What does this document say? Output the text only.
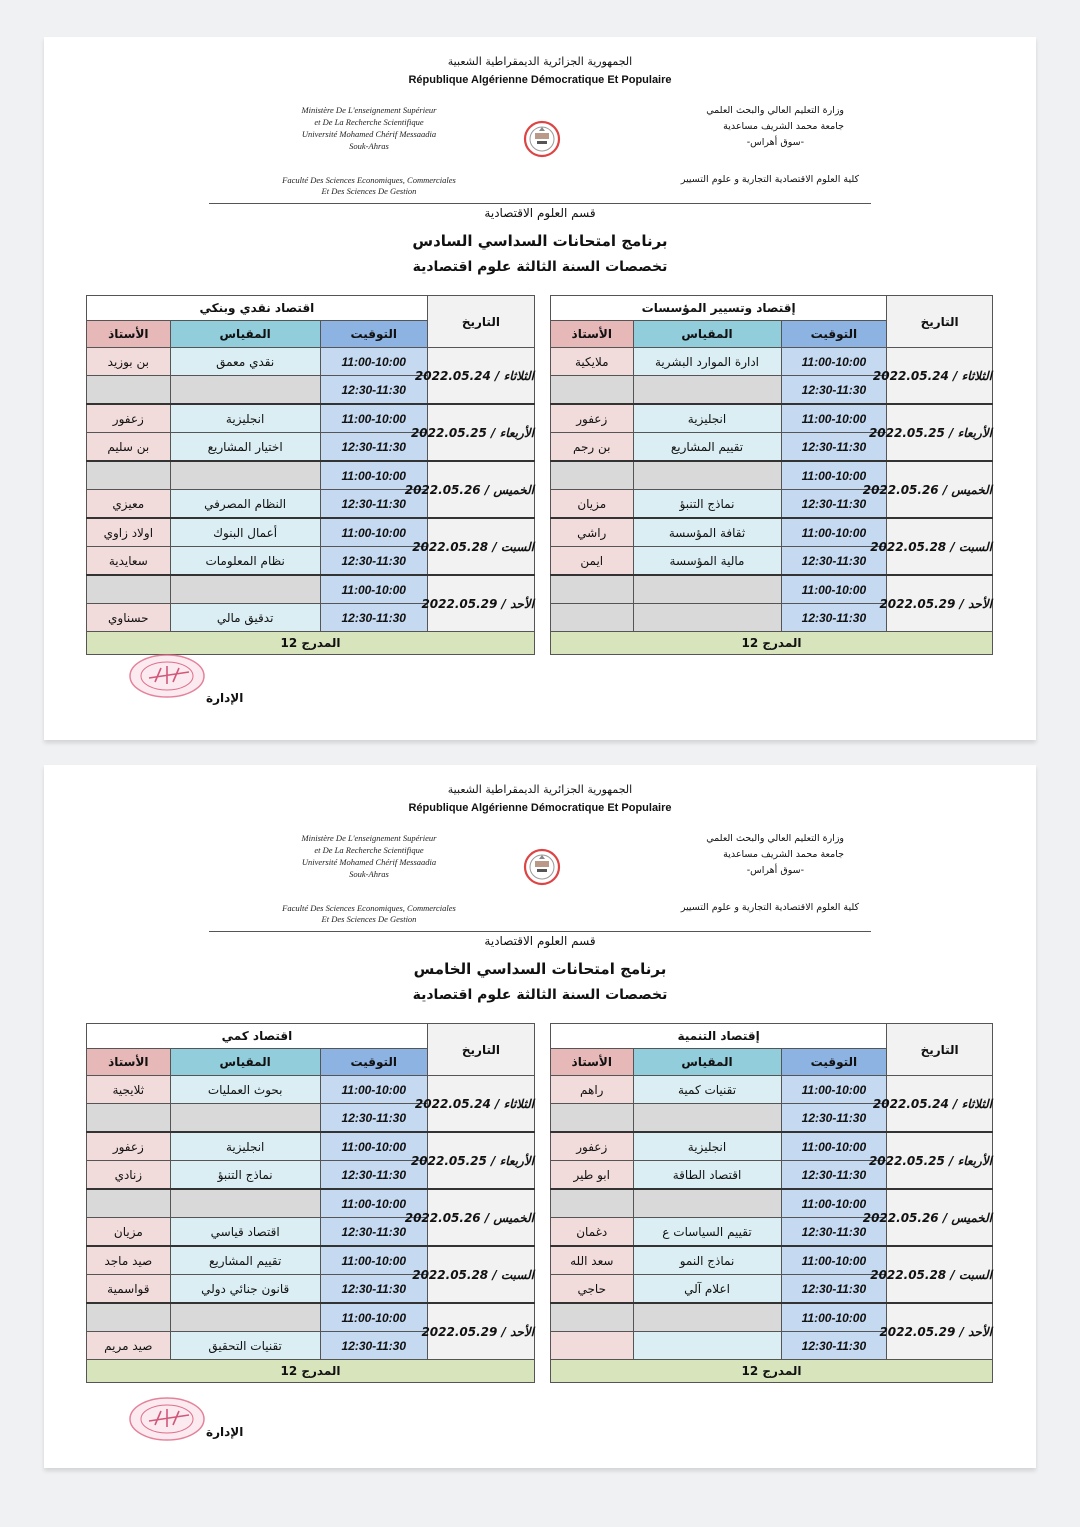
الجمهورية الجزائرية الديمقراطية الشعبية
République Algérienne Démocratique Et Populaire
Ministère De L'enseignement Supérieur
et De La Recherche Scientifique
Université Mohamed Chérif Messaadia
Souk-Ahras
Faculté Des Sciences Economiques, Commerciales
Et Des Sciences De Gestion
وزارة التعليم العالي والبحث العلمي
جامعة محمد الشريف مساعدية
-سوق أهراس-
كلية العلوم الاقتصادية التجارية و علوم التسيير
قسم العلوم الاقتصادية
برنامج امتحانات السداسي السادس
تخصصات السنة الثالثة علوم اقتصادية
التاريخ	إقتصاد وتسيير المؤسسات		
	التوقيت	المقياس	الأستاذ
الثلاثاء / 2022.05.24	11:00-10:00	ادارة الموارد البشرية	ملايكية
	12:30-11:30		
الأربعاء / 2022.05.25	11:00-10:00	انجليزية	زعفور
	12:30-11:30	تقييم المشاريع	بن رجم
الخميس / 2022.05.26	11:00-10:00		
	12:30-11:30	نماذج التنبؤ	مزيان
السبت / 2022.05.28	11:00-10:00	ثقافة المؤسسة	راشي
	12:30-11:30	مالية المؤسسة	ايمن
الأحد / 2022.05.29	11:00-10:00		
	12:30-11:30		
المدرج 12			
التاريخ	اقتصاد نقدي وبنكي		
	التوقيت	المقياس	الأستاذ
الثلاثاء / 2022.05.24	11:00-10:00	نقدي معمق	بن بوزيد
	12:30-11:30		
الأربعاء / 2022.05.25	11:00-10:00	انجليزية	زعفور
	12:30-11:30	اختيار المشاريع	بن سليم
الخميس / 2022.05.26	11:00-10:00		
	12:30-11:30	النظام المصرفي	معيزي
السبت / 2022.05.28	11:00-10:00	أعمال البنوك	اولاد زاوي
	12:30-11:30	نظام المعلومات	سعايدية
الأحد / 2022.05.29	11:00-10:00		
	12:30-11:30	تدقيق مالي	حسناوي
المدرج 12			
الإدارة
الجمهورية الجزائرية الديمقراطية الشعبية
République Algérienne Démocratique Et Populaire
Ministère De L'enseignement Supérieur
et De La Recherche Scientifique
Université Mohamed Chérif Messaadia
Souk-Ahras
Faculté Des Sciences Economiques, Commerciales
Et Des Sciences De Gestion
وزارة التعليم العالي والبحث العلمي
جامعة محمد الشريف مساعدية
-سوق أهراس-
كلية العلوم الاقتصادية التجارية و علوم التسيير
قسم العلوم الاقتصادية
برنامج امتحانات السداسي الخامس
تخصصات السنة الثالثة علوم اقتصادية
التاريخ	إقتصاد التنمية		
	التوقيت	المقياس	الأستاذ
الثلاثاء / 2022.05.24	11:00-10:00	تقنيات كمية	راهم
	12:30-11:30		
الأربعاء / 2022.05.25	11:00-10:00	انجليزية	زعفور
	12:30-11:30	اقتصاد الطاقة	ابو طير
الخميس / 2022.05.26	11:00-10:00		
	12:30-11:30	تقييم السياسات ع	دغمان
السبت / 2022.05.28	11:00-10:00	نماذج النمو	سعد الله
	12:30-11:30	اعلام آلي	حاجي
الأحد / 2022.05.29	11:00-10:00		
	12:30-11:30		
المدرج 12			
التاريخ	اقتصاد كمي		
	التوقيت	المقياس	الأستاذ
الثلاثاء / 2022.05.24	11:00-10:00	بحوث العمليات	ثلايجية
	12:30-11:30		
الأربعاء / 2022.05.25	11:00-10:00	انجليزية	زعفور
	12:30-11:30	نماذج التنبؤ	زنادي
الخميس / 2022.05.26	11:00-10:00		
	12:30-11:30	اقتصاد قياسي	مزيان
السبت / 2022.05.28	11:00-10:00	تقييم المشاريع	صيد ماجد
	12:30-11:30	قانون جنائي دولي	قواسمية
الأحد / 2022.05.29	11:00-10:00		
	12:30-11:30	تقنيات التحقيق	صيد مريم
المدرج 12			
الإدارة
